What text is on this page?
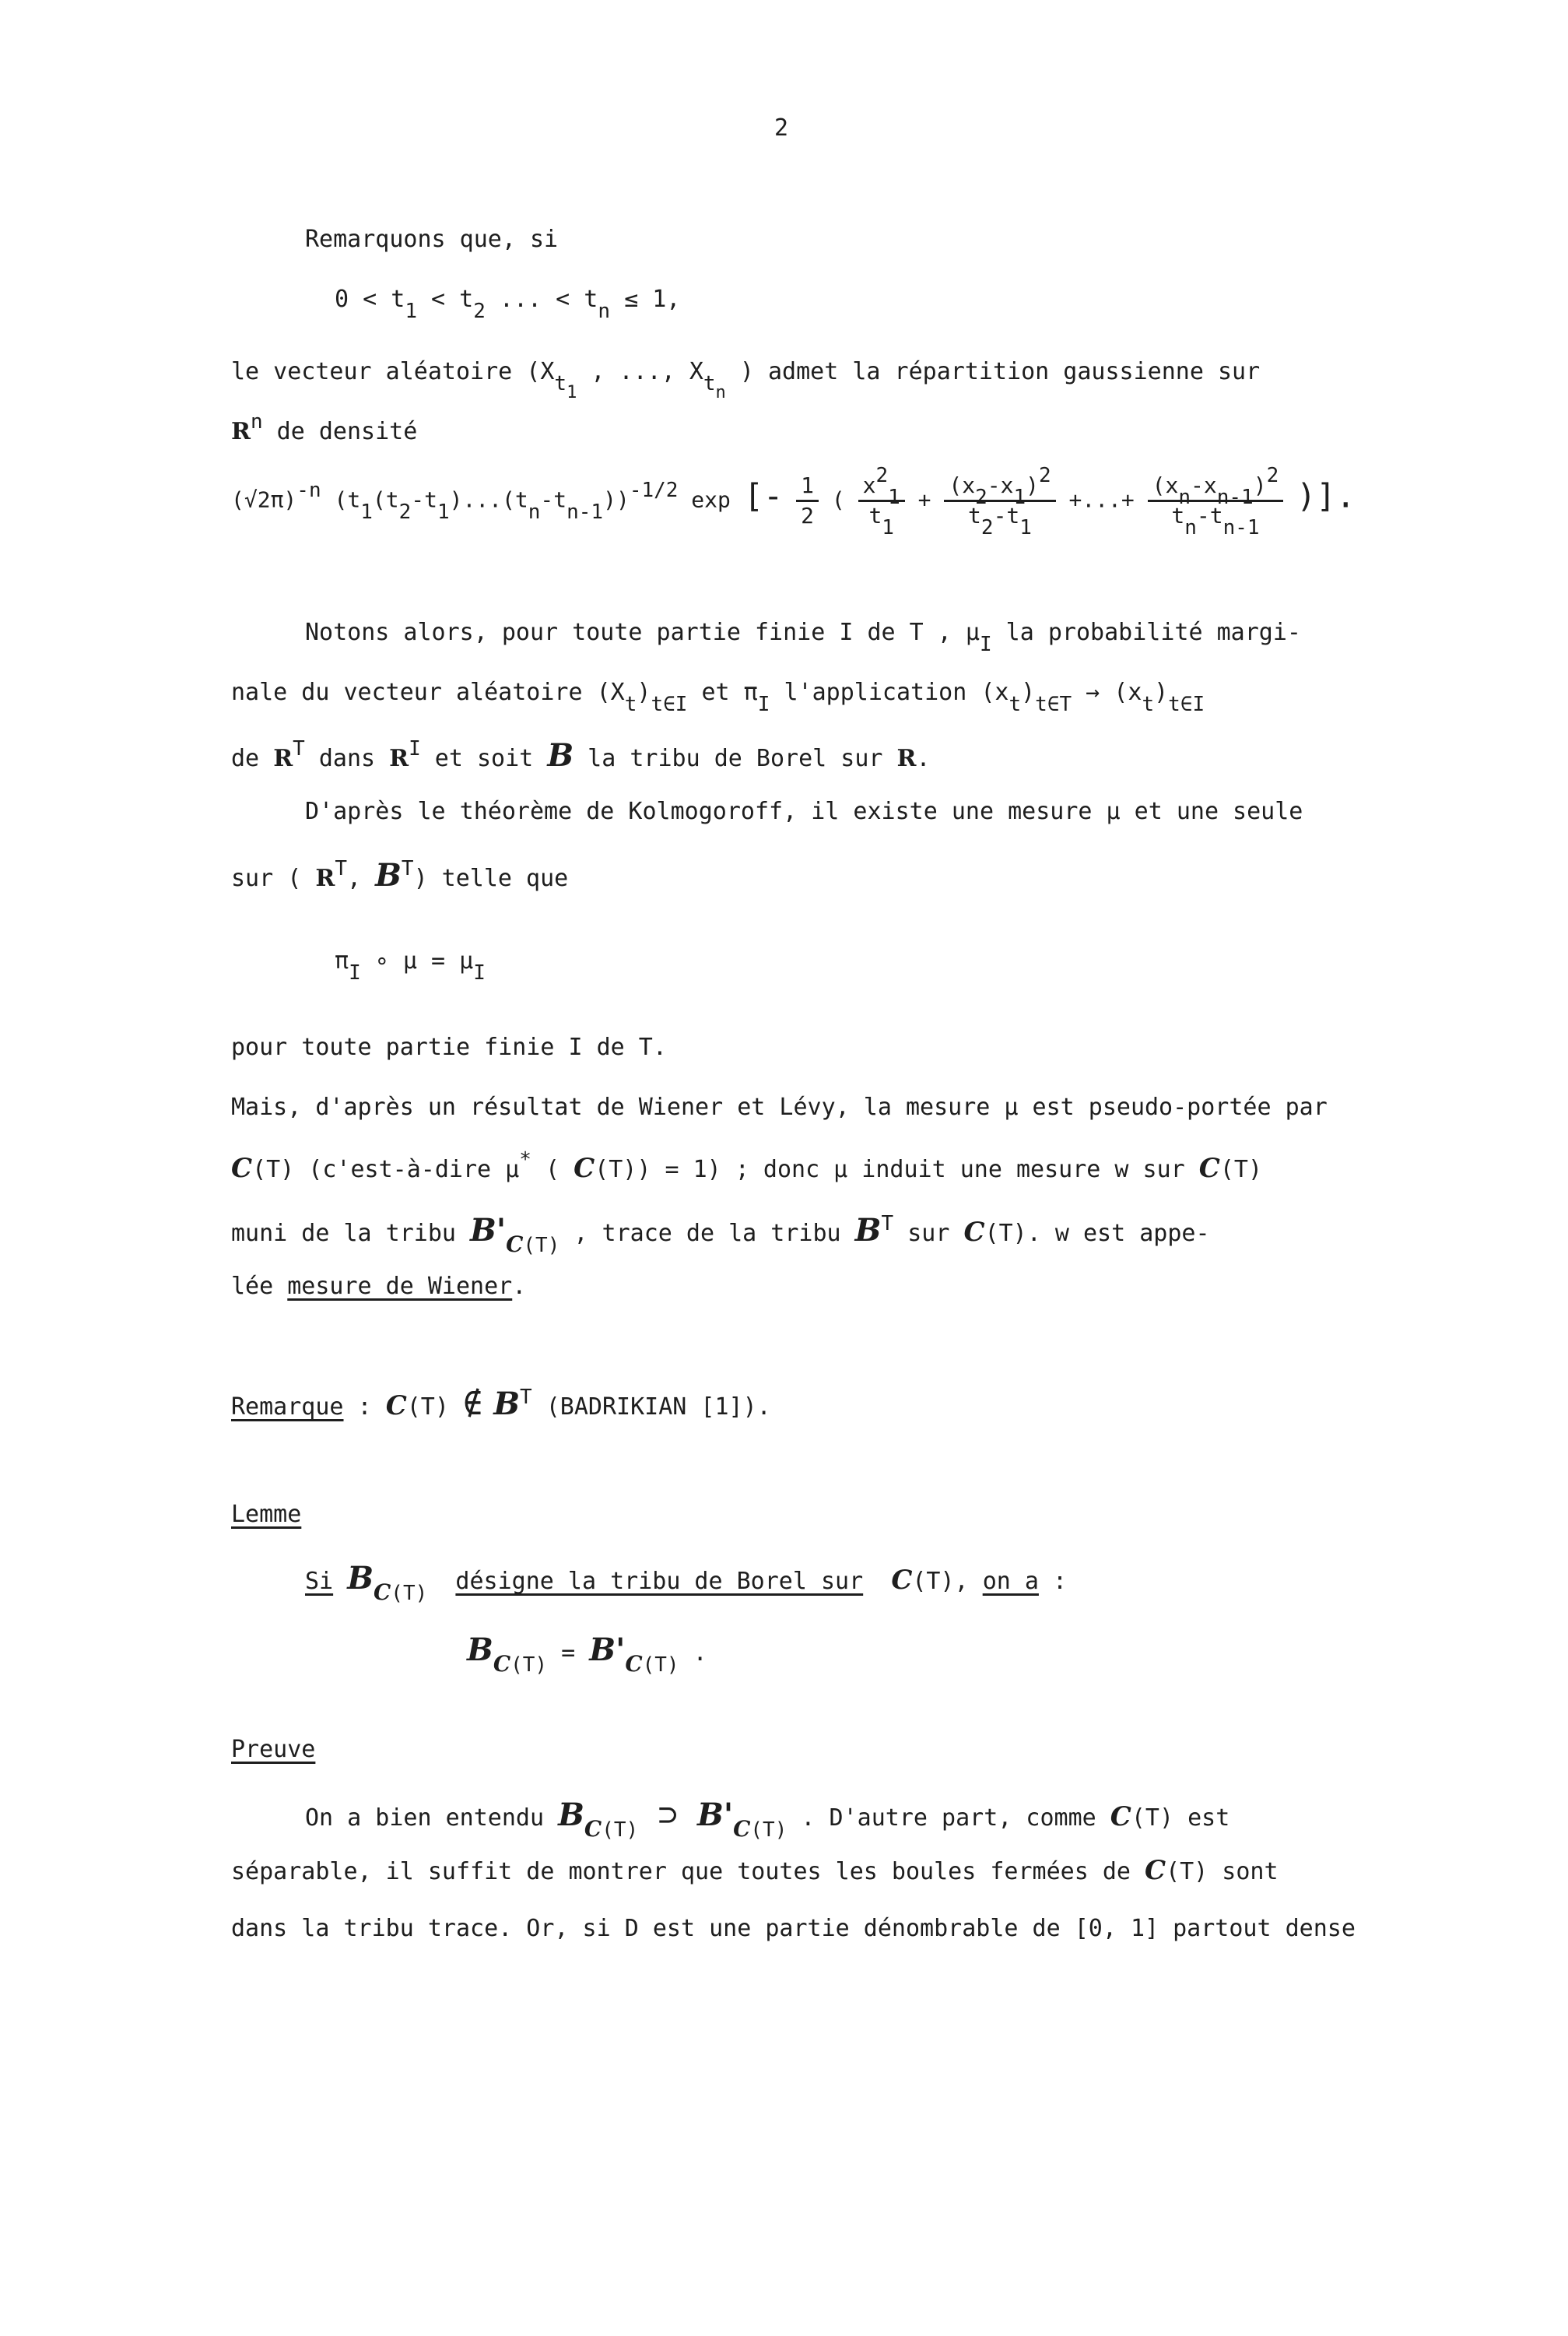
2
Remarquons que, si
0 < t1 < t2 ... < tn ≤ 1,
le vecteur aléatoire ($Xt_1$ , ..., $Xt_n$ ) admet la répartition gaussienne sur
Rn de densité
(√2π)-n (t1(t2-t1)...(tn-tn-1))-1/2 exp [- $\frac{1}{2}$ ( $\frac{x21}{t1} + \frac{(x2-x1)2}{t2-t1}$ +...+ $\frac{(xn-xn-1)2}{tn-tn-1}$ )].
Notons alors, pour toute partie finie I de T , μI la probabilité margi-
nale du vecteur aléatoire (Xt)t∈I et πI l'application (xt)t∈T → (xt)t∈I
de RT dans RI et soit B la tribu de Borel sur R.
D'après le théorème de Kolmogoroff, il existe une mesure μ et une seule
sur ( RT, BT) telle que
πI ∘ μ = μI
pour toute partie finie I de T.
Mais, d'après un résultat de Wiener et Lévy, la mesure μ est pseudo-portée par
C(T) (c'est-à-dire μ* ( C(T)) = 1) ; donc μ induit une mesure w sur C(T)
muni de la tribu B'C(T) , trace de la tribu BT sur C(T). w est appe-
lée mesure de Wiener.
Remarque : C(T) ∉ BT (BADRIKIAN [1]).
Lemme
Si BC(T) désigne la tribu de Borel sur C(T), on a :
BC(T) = B'C(T) .
Preuve
On a bien entendu BC(T) ⊃ B'C(T) . D'autre part, comme C(T) est
séparable, il suffit de montrer que toutes les boules fermées de C(T) sont
dans la tribu trace. Or, si D est une partie dénombrable de [0, 1] partout dense
